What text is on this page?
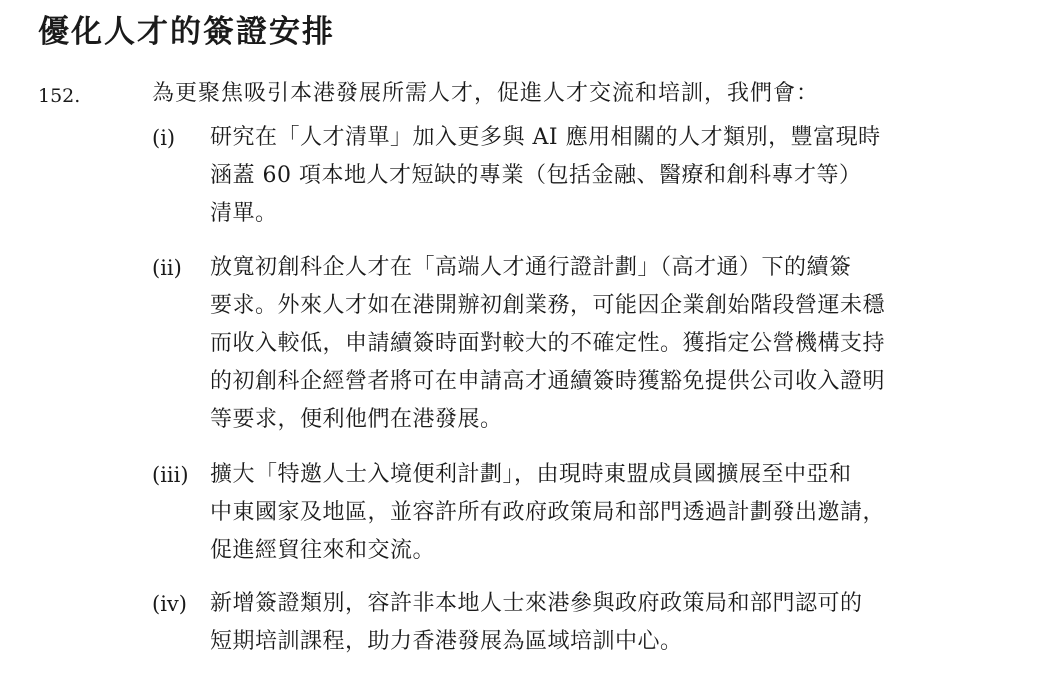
優化人才的簽證安排
152.	為更聚焦吸引本港發展所需人才，促進人才交流和培訓，我們會：
(i) 研究在「人才清單」加入更多與 AI 應用相關的人才類別，豐富現時
涵蓋 60 項本地人才短缺的專業（包括金融、醫療和創科專才等）
清單。
(ii) 放寬初創科企人才在「高端人才通行證計劃」（高才通）下的續簽
要求。外來人才如在港開辦初創業務，可能因企業創始階段營運未穩
而收入較低，申請續簽時面對較大的不確定性。獲指定公營機構支持
的初創科企經營者將可在申請高才通續簽時獲豁免提供公司收入證明
等要求，便利他們在港發展。
(iii) 擴大「特邀人士入境便利計劃」，由現時東盟成員國擴展至中亞和
中東國家及地區，並容許所有政府政策局和部門透過計劃發出邀請，
促進經貿往來和交流。
(iv) 新增簽證類別，容許非本地人士來港參與政府政策局和部門認可的
短期培訓課程，助力香港發展為區域培訓中心。
